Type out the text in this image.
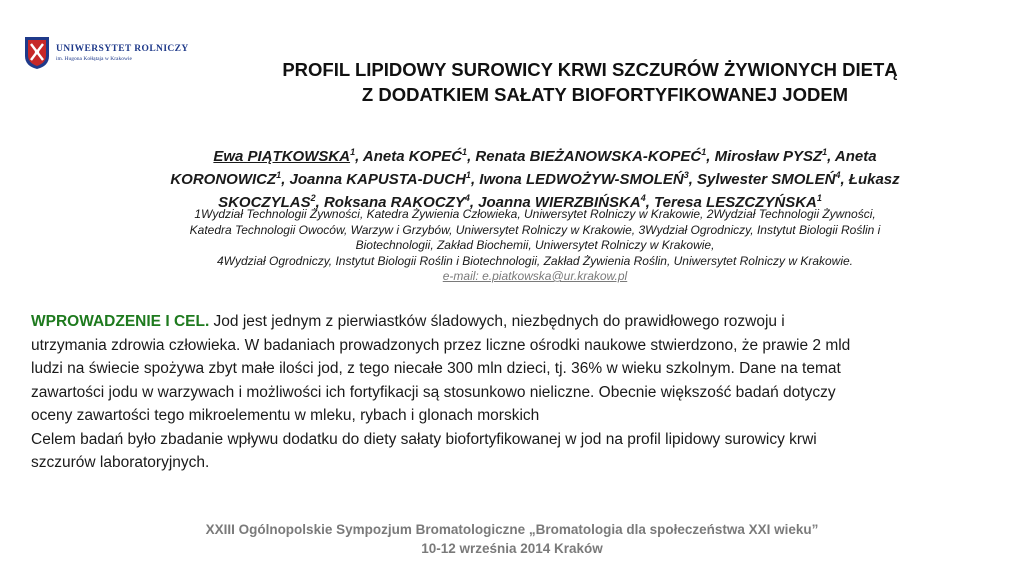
UNIWERSYTET ROLNICZY
im. Hugona Kołłątaja w Krakowie	PROFIL LIPIDOWY SUROWICY KRWI SZCZURÓW ŻYWIONYCH DIETĄ
Z DODATKIEM SAŁATY BIOFORTYFIKOWANEJ JODEM
Ewa PIĄTKOWSKA$^1$, Aneta KOPEĆ$^1$, Renata BIEŻANOWSKA-KOPEĆ$^1$, Mirosław PYSZ$^1$, Aneta
KORONOWICZ$^1$, Joanna KAPUSTA-DUCH$^1$, Iwona LEDWOŻYW-SMOLEŃ$^3$, Sylwester SMOLEŃ$^4$, Łukasz
SKOCZYLAS$^2$, Roksana RAKOCZY$^4$, Joanna WIERZBIŃSKA$^4$, Teresa LESZCZYŃSKA$^1$
1Wydział Technologii Żywności, Katedra Żywienia Człowieka, Uniwersytet Rolniczy w Krakowie, 2Wydział Technologii Żywności,
Katedra Technologii Owoców, Warzyw i Grzybów, Uniwersytet Rolniczy w Krakowie, 3Wydział Ogrodniczy, Instytut Biologii Roślin i
Biotechnologii, Zakład Biochemii, Uniwersytet Rolniczy w Krakowie,
4Wydział Ogrodniczy, Instytut Biologii Roślin i Biotechnologii, Zakład Żywienia Roślin, Uniwersytet Rolniczy w Krakowie.
e-mail: e.piatkowska@ur.krakow.pl
WPROWADZENIE I CEL. Jod jest jednym z pierwiastków śladowych, niezbędnych do prawidłowego rozwoju i
utrzymania zdrowia człowieka. W badaniach prowadzonych przez liczne ośrodki naukowe stwierdzono, że prawie 2 mld
ludzi na świecie spożywa zbyt małe ilości jod, z tego niecałe 300 mln dzieci, tj. 36% w wieku szkolnym. Dane na temat
zawartości jodu w warzywach i możliwości ich fortyfikacji są stosunkowo nieliczne. Obecnie większość badań dotyczy
oceny zawartości tego mikroelementu w mleku, rybach i glonach morskich
Celem badań było zbadanie wpływu dodatku do diety sałaty biofortyfikowanej w jod na profil lipidowy surowicy krwi
szczurów laboratoryjnych.
XXIII Ogólnopolskie Sympozjum Bromatologiczne „Bromatologia dla społeczeństwa XXI wieku”
10-12 września 2014 Kraków
